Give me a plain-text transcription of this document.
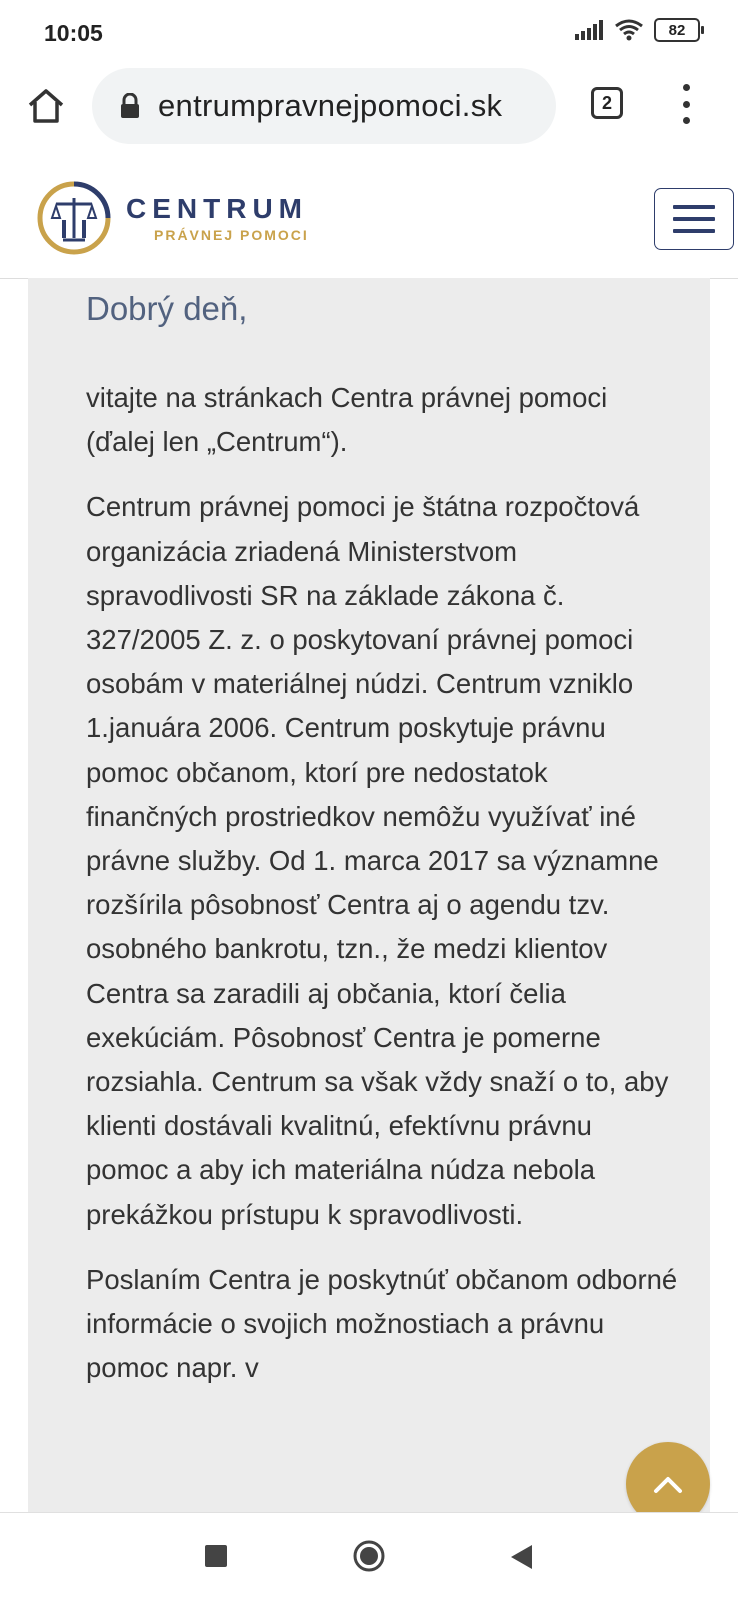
10:05	82
entrumpravnejpomoci.sk	2
CENTRUM
PRÁVNEJ POMOCI
Dobrý deň,

vitajte na stránkach Centra právnej pomoci (ďalej len „Centrum“).

Centrum právnej pomoci je štátna rozpočtová organizácia zriadená Ministerstvom spravodlivosti SR na základe zákona č. 327/2005 Z. z. o poskytovaní právnej pomoci osobám v materiálnej núdzi. Centrum vzniklo 1.januára 2006. Centrum poskytuje právnu pomoc občanom, ktorí pre nedostatok finančných prostriedkov nemôžu využívať iné právne služby. Od 1. marca 2017 sa významne rozšírila pôsobnosť Centra aj o agendu tzv. osobného bankrotu, tzn., že medzi klientov Centra sa zaradili aj občania, ktorí čelia exekúciám. Pôsobnosť Centra je pomerne rozsiahla. Centrum sa však vždy snaží o to, aby klienti dostávali kvalitnú, efektívnu právnu pomoc a aby ich materiálna núdza nebola prekážkou prístupu k spravodlivosti.

Poslaním Centra je poskytnúť občanom odborné informácie o svojich možnostiach a právnu pomoc napr. v
